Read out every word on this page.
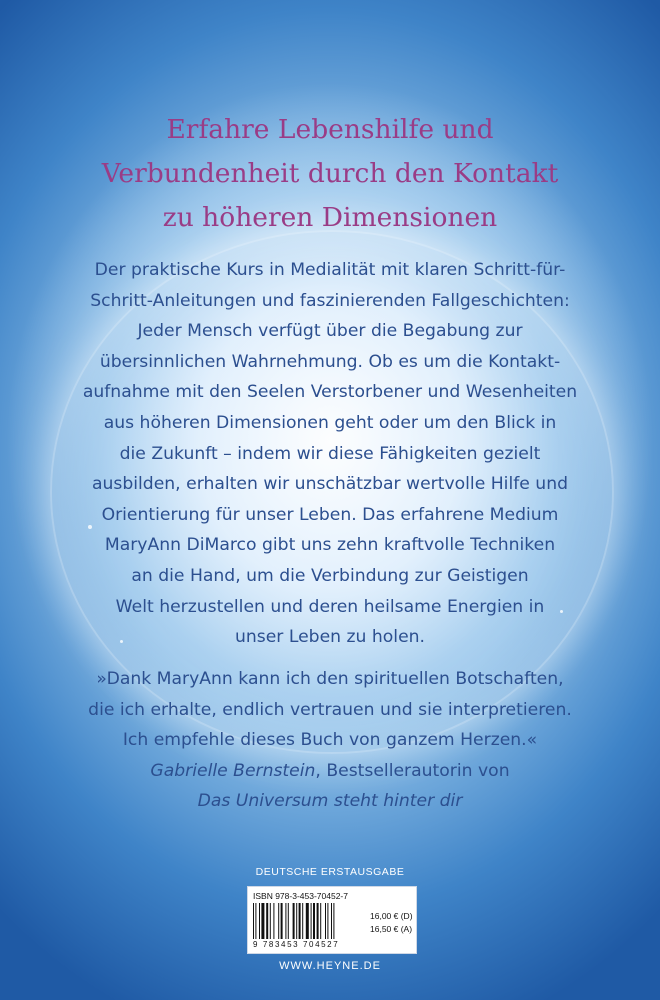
Erfahre Lebenshilfe und
Verbundenheit durch den Kontakt
zu höheren Dimensionen
Der praktische Kurs in Medialität mit klaren Schritt-für-
Schritt-Anleitungen und faszinierenden Fallgeschichten:
Jeder Mensch verfügt über die Begabung zur
übersinnlichen Wahrnehmung. Ob es um die Kontakt-
aufnahme mit den Seelen Verstorbener und Wesenheiten
aus höheren Dimensionen geht oder um den Blick in
die Zukunft – indem wir diese Fähigkeiten gezielt
ausbilden, erhalten wir unschätzbar wertvolle Hilfe und
Orientierung für unser Leben. Das erfahrene Medium
MaryAnn DiMarco gibt uns zehn kraftvolle Techniken
an die Hand, um die Verbindung zur Geistigen
Welt herzustellen und deren heilsame Energien in
unser Leben zu holen.
»Dank MaryAnn kann ich den spirituellen Botschaften,
die ich erhalte, endlich vertrauen und sie interpretieren.
Ich empfehle dieses Buch von ganzem Herzen.«
Gabrielle Bernstein, Bestsellerautorin von
Das Universum steht hinter dir
DEUTSCHE ERSTAUSGABE
ISBN 978-3-453-70452-7
9 783453 704527
16,00 € (D)
16,50 € (A)
WWW.HEYNE.DE
